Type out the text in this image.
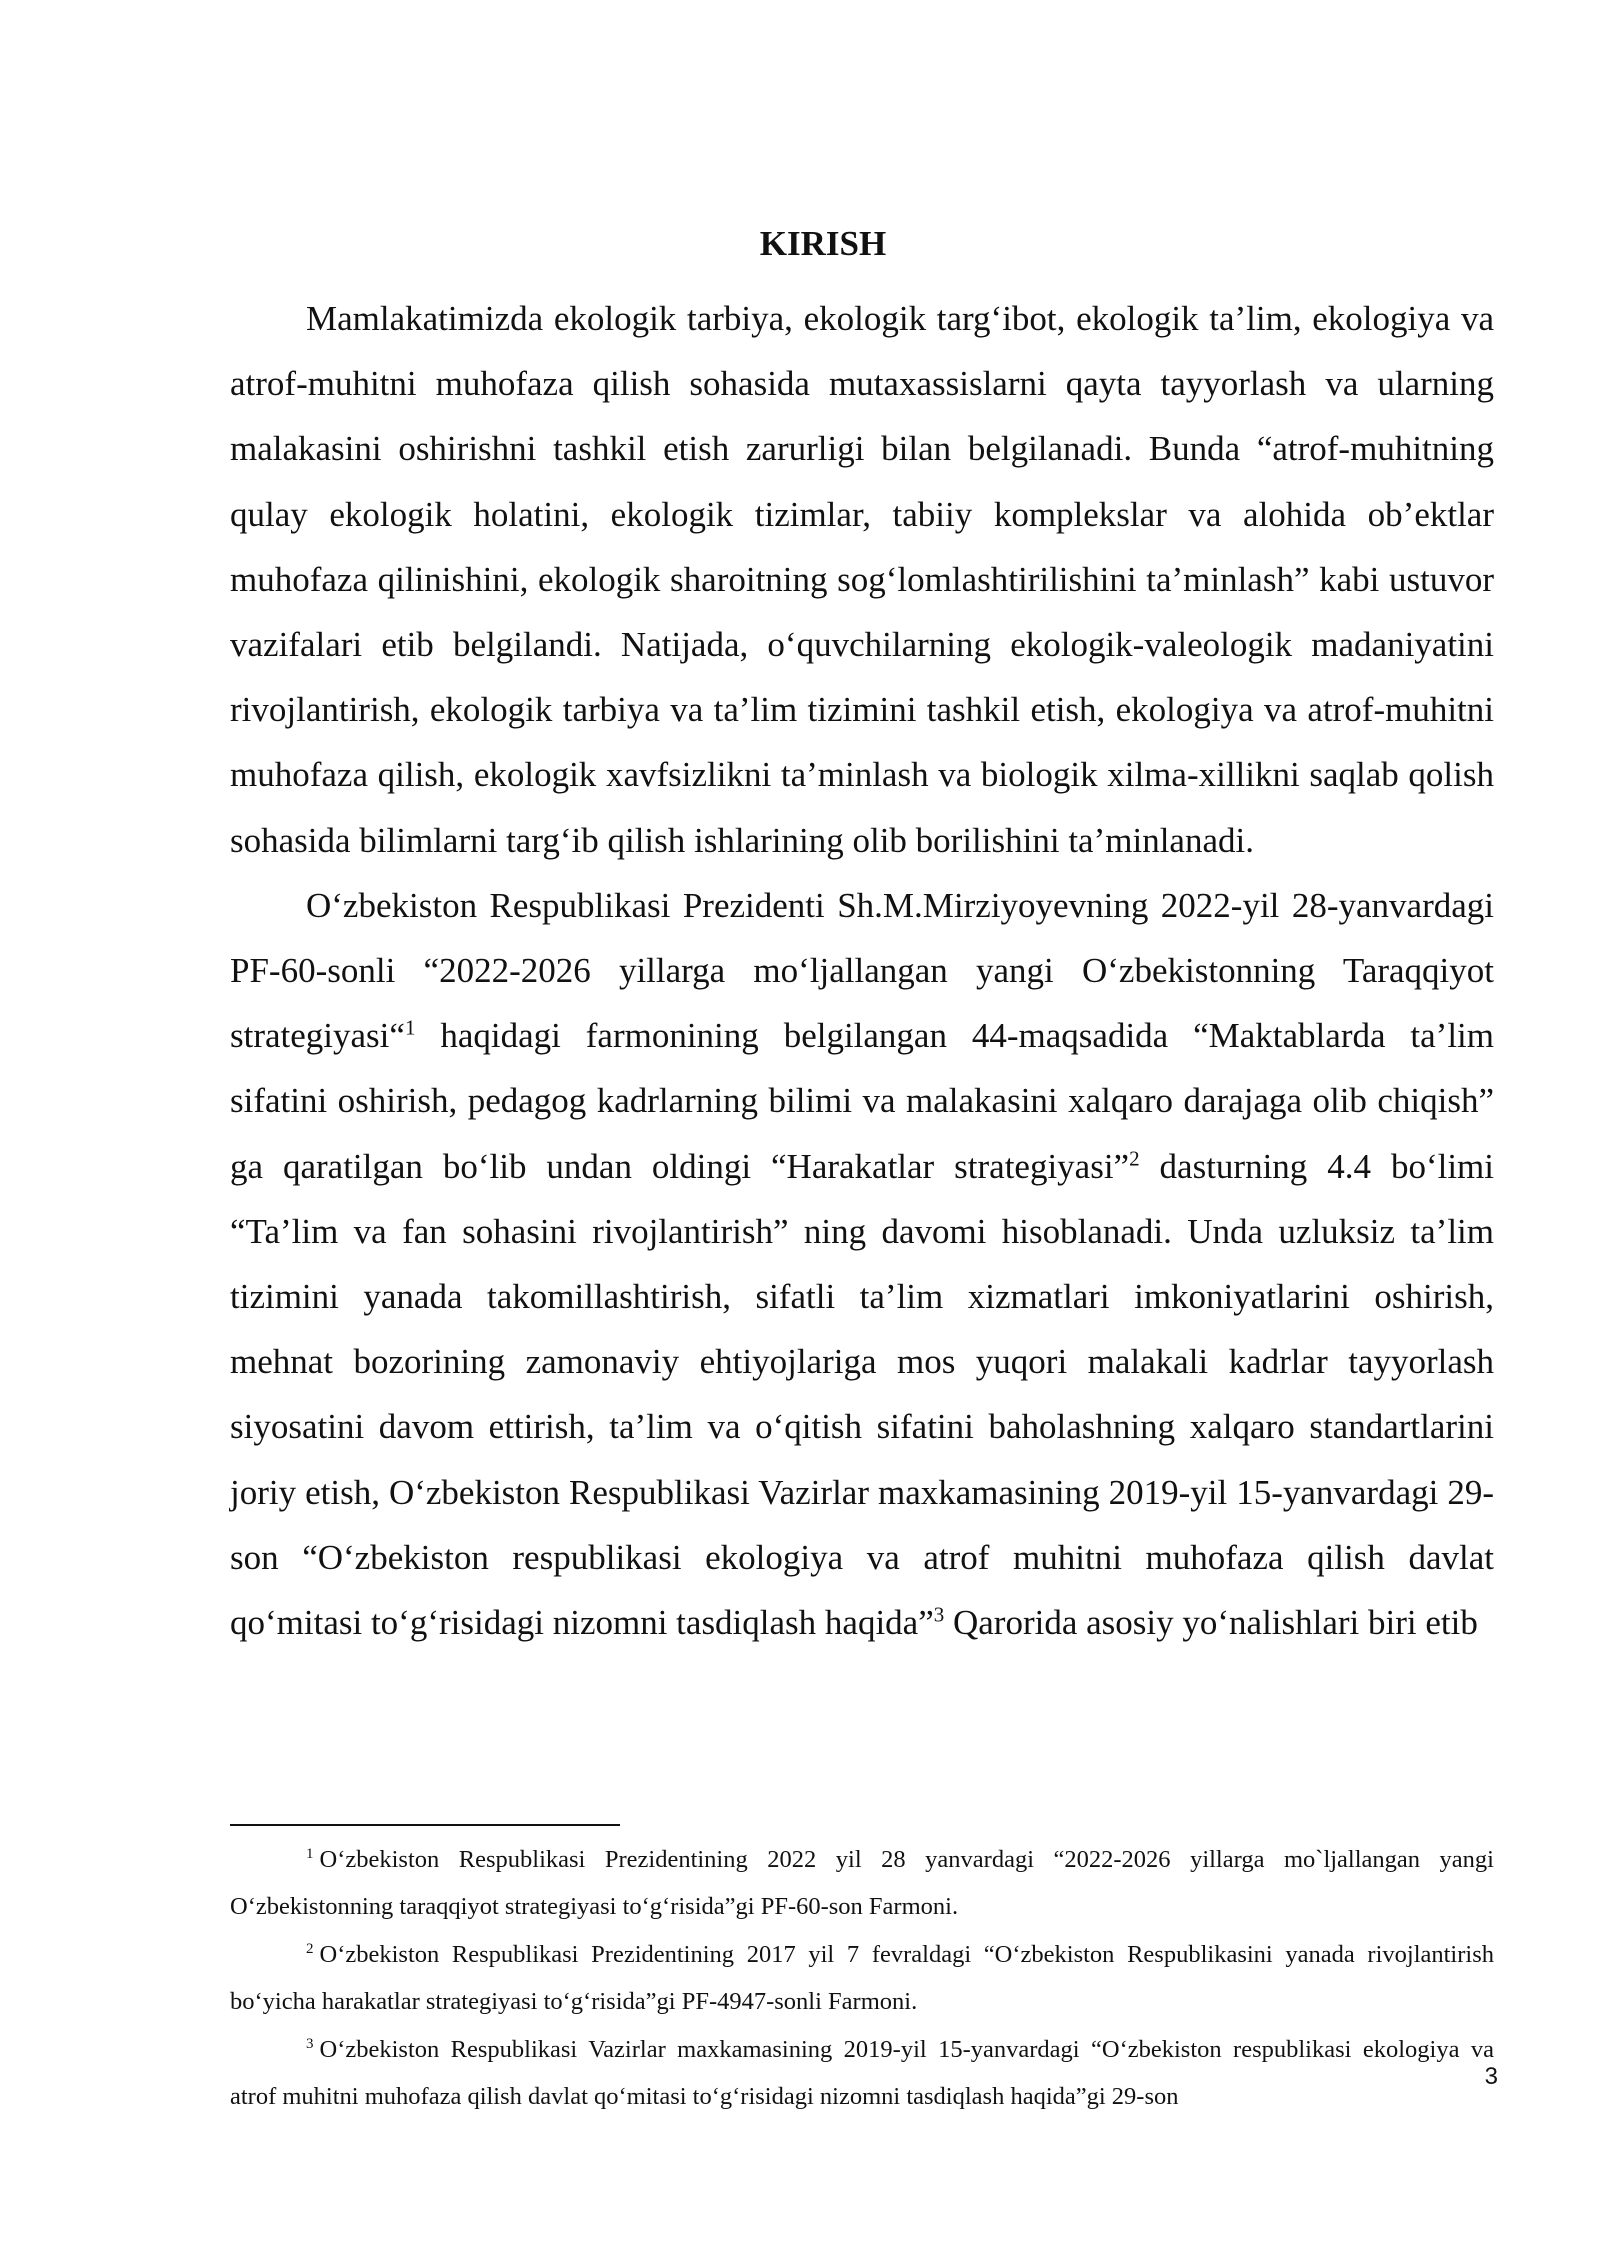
KIRISH

Mamlakatimizda ekologik tarbiya, ekologik targ‘ibot, ekologik ta’lim, ekologiya va atrof-muhitni muhofaza qilish sohasida mutaxassislarni qayta tayyorlash va ularning malakasini oshirishni tashkil etish zarurligi bilan belgilanadi. Bunda “atrof-muhitning qulay ekologik holatini, ekologik tizimlar, tabiiy komplekslar va alohida ob’ektlar muhofaza qilinishini, ekologik sharoitning sog‘lomlashtirilishini ta’minlash” kabi ustuvor vazifalari etib belgilandi. Natijada, o‘quvchilarning ekologik-valeologik madaniyatini rivojlantirish, ekologik tarbiya va ta’lim tizimini tashkil etish, ekologiya va atrof-muhitni muhofaza qilish, ekologik xavfsizlikni ta’minlash va biologik xilma-xillikni saqlab qolish sohasida bilimlarni targ‘ib qilish ishlarining olib borilishini ta’minlanadi.

O‘zbekiston Respublikasi Prezidenti Sh.M.Mirziyoyevning 2022-yil 28-yanvardagi PF-60-sonli “2022-2026 yillarga mo‘ljallangan yangi O‘zbekistonning Taraqqiyot strategiyasi“$^1$ haqidagi farmonining belgilangan 44-maqsadida “Maktablarda ta’lim sifatini oshirish, pedagog kadrlarning bilimi va malakasini xalqaro darajaga olib chiqish” ga qaratilgan bo‘lib undan oldingi “Harakatlar strategiyasi”$^2$ dasturning 4.4 bo‘limi “Ta’lim va fan sohasini rivojlantirish” ning davomi hisoblanadi. Unda uzluksiz ta’lim tizimini yanada takomillashtirish, sifatli ta’lim xizmatlari imkoniyatlarini oshirish, mehnat bozorining zamonaviy ehtiyojlariga mos yuqori malakali kadrlar tayyorlash siyosatini davom ettirish, ta’lim va o‘qitish sifatini baholashning xalqaro standartlarini joriy etish, O‘zbekiston Respublikasi Vazirlar maxkamasining 2019-yil 15-yanvardagi 29-son “O‘zbekiston respublikasi ekologiya va atrof muhitni muhofaza qilish davlat qo‘mitasi to‘g‘risidagi nizomni tasdiqlash haqida”$^3$ Qarorida asosiy yo‘nalishlari biri etib

$^1$ O‘zbekiston Respublikasi Prezidentining 2022 yil 28 yanvardagi “2022-2026 yillarga mo`ljallangan yangi O‘zbekistonning taraqqiyot strategiyasi to‘g‘risida”gi PF-60-son Farmoni.

$^2$ O‘zbekiston Respublikasi Prezidentining 2017 yil 7 fevraldagi “O‘zbekiston Respublikasini yanada rivojlantirish bo‘yicha harakatlar strategiyasi to‘g‘risida”gi PF-4947-sonli Farmoni.

$^3$ O‘zbekiston Respublikasi Vazirlar maxkamasining 2019-yil 15-yanvardagi “O‘zbekiston respublikasi ekologiya va atrof muhitni muhofaza qilish davlat qo‘mitasi to‘g‘risidagi nizomni tasdiqlash haqida”gi 29-son

3
